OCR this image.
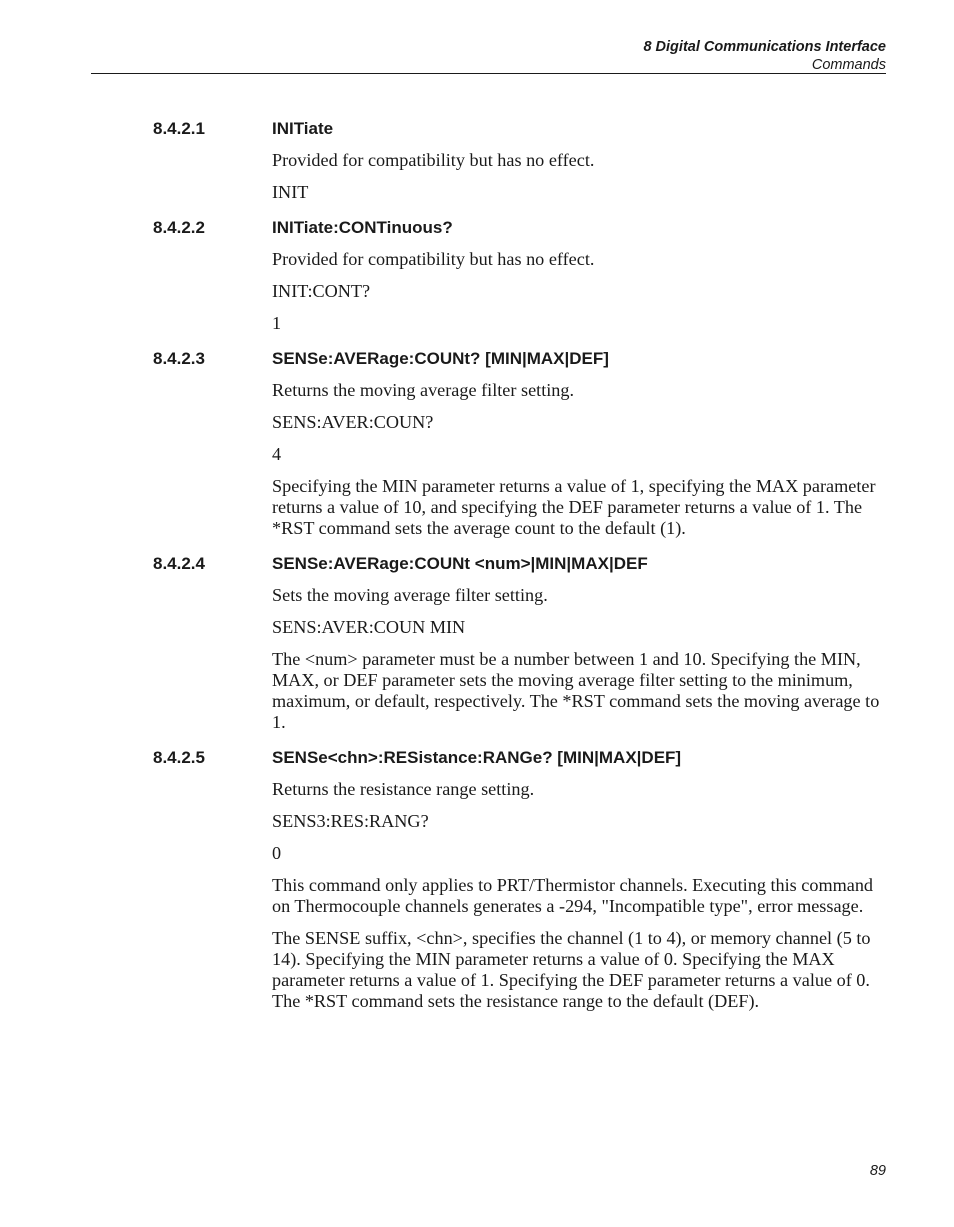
8 Digital Communications Interface
Commands
8.4.2.1	INITiate

Provided for compatibility but has no effect.

INIT

8.4.2.2	INITiate:CONTinuous?

Provided for compatibility but has no effect.

INIT:CONT?

1

8.4.2.3	SENSe:AVERage:COUNt? [MIN|MAX|DEF]

Returns the moving average filter setting.

SENS:AVER:COUN?

4

Specifying the MIN parameter returns a value of 1, specifying the MAX parameter returns a value of 10, and specifying the DEF parameter returns a value of 1. The *RST command sets the average count to the default (1).

8.4.2.4	SENSe:AVERage:COUNt <num>|MIN|MAX|DEF

Sets the moving average filter setting.

SENS:AVER:COUN MIN

The <num> parameter must be a number between 1 and 10. Specifying the MIN, MAX, or DEF parameter sets the moving average filter setting to the minimum, maximum, or default, respectively. The *RST command sets the moving average to 1.

8.4.2.5	SENSe<chn>:RESistance:RANGe? [MIN|MAX|DEF]

Returns the resistance range setting.

SENS3:RES:RANG?

0

This command only applies to PRT/Thermistor channels. Executing this command on Thermocouple channels generates a -294, "Incompatible type", error message.

The SENSE suffix, <chn>, specifies the channel (1 to 4), or memory channel (5 to 14). Specifying the MIN parameter returns a value of 0. Specifying the MAX parameter returns a value of 1. Specifying the DEF parameter returns a value of 0. The *RST command sets the resistance range to the default (DEF).

89
